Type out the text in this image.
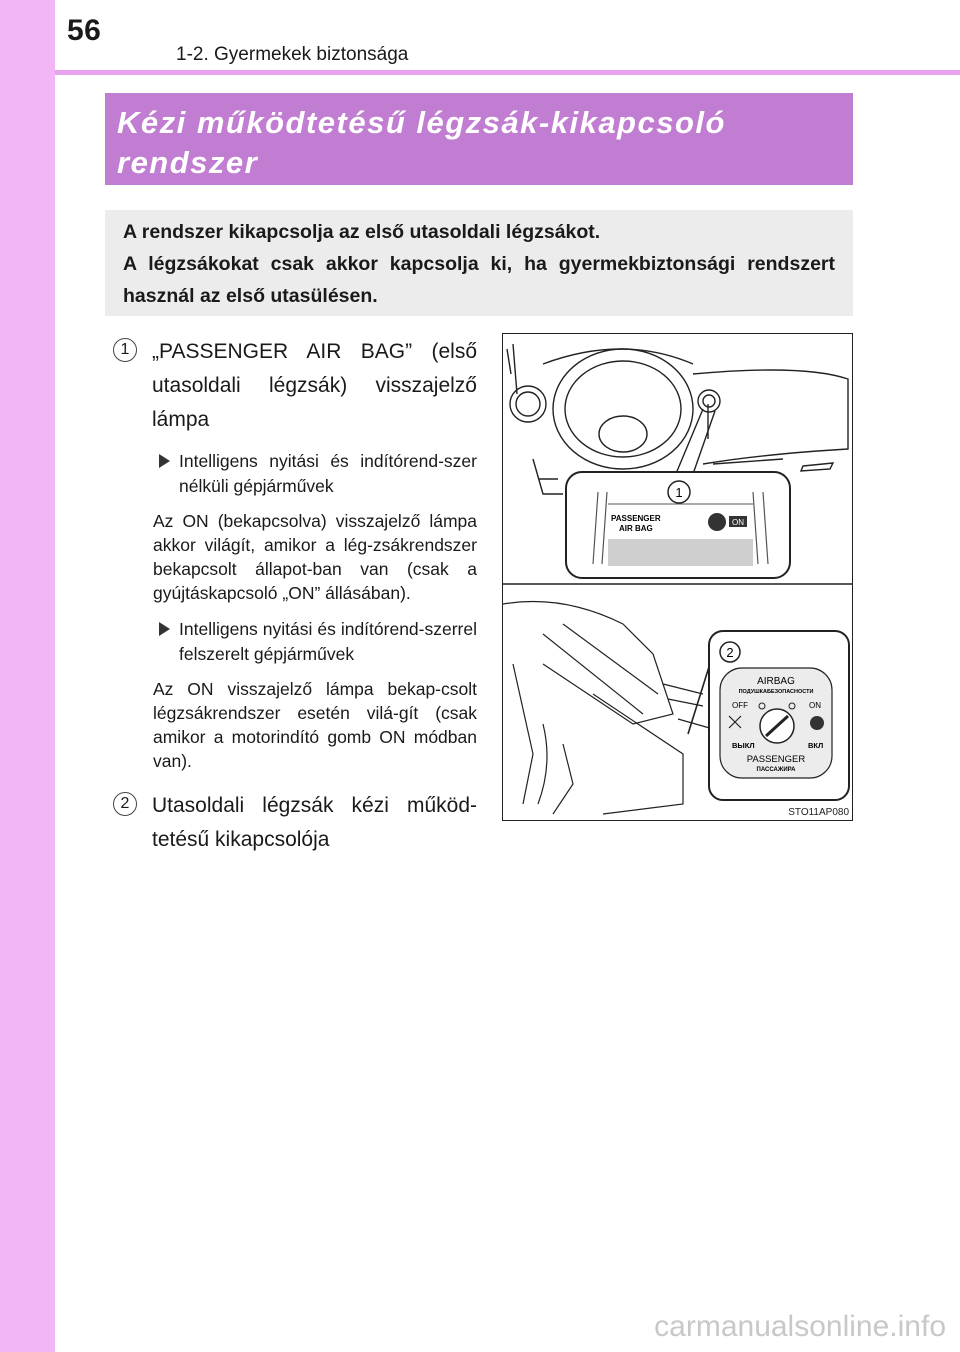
56
1-2. Gyermekek biztonsága
Kézi működtetésű légzsák-kikapcsoló
rendszer

A rendszer kikapcsolja az első utasoldali légzsákot.

A légzsákokat csak akkor kapcsolja ki, ha gyermekbiztonsági rendszert használ az első utasülésen.

1	„PASSENGER AIR BAG” (első utasoldali légzsák) visszajelző lámpa
Intelligens nyitási és indítórend-szer nélküli gépjárművek
Az ON (bekapcsolva) visszajelző lámpa akkor világít, amikor a lég-zsákrendszer bekapcsolt állapot-ban van (csak a gyújtáskapcsoló „ON” állásában).
Intelligens nyitási és indítórend-szerrel felszerelt gépjárművek
Az ON visszajelző lámpa bekap-csolt légzsákrendszer esetén vilá-gít (csak amikor a motorindító gomb ON módban van).
2	Utasoldali légzsák kézi működ-tetésű kikapcsolója
1
PASSENGER
AIR BAG
ON
2
AIRBAG
ПОДУШКАБЕЗОПАСНОСТИ
OFF	ON
ВЫКЛ	ВКЛ
PASSENGER
ПАССАЖИРА
STO11AP080
carmanualsonline.info
